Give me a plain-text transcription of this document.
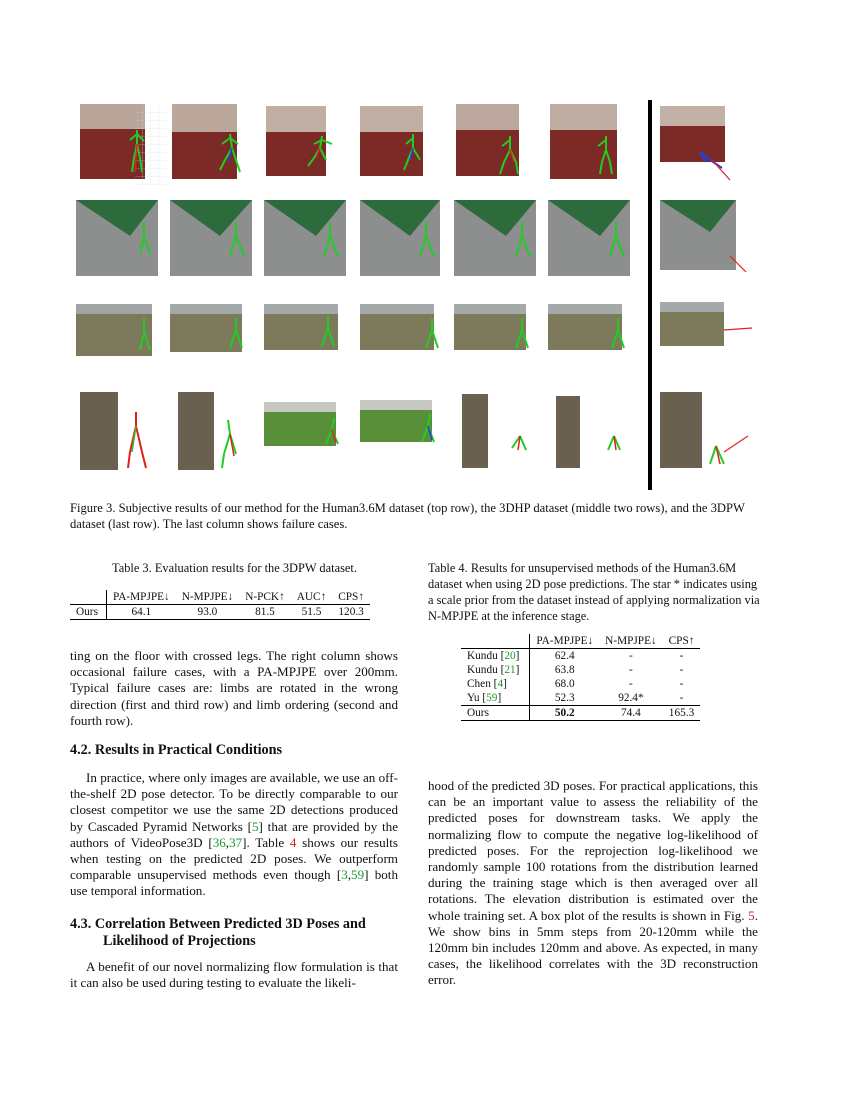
Figure 3. Subjective results of our method for the Human3.6M dataset (top row), the 3DHP dataset (middle two rows), and the 3DPW dataset (last row). The last column shows failure cases.
Table 3. Evaluation results for the 3DPW dataset.
	PA-MPJPE↓	N-MPJPE↓	N-PCK↑	AUC↑	CPS↑
Ours	64.1	93.0	81.5	51.5	120.3
Table 4. Results for unsupervised methods of the Human3.6M dataset when using 2D pose predictions. The star * indicates using a scale prior from the dataset instead of applying normalization via N-MPJPE at the inference stage.
	PA-MPJPE↓	N-MPJPE↓	CPS↑
Kundu [20]	62.4	-	-
Kundu [21]	63.8	-	-
Chen [4]	68.0	-	-
Yu [59]	52.3	92.4*	-
Ours	50.2	74.4	165.3

ting on the floor with crossed legs. The right column shows occasional failure cases, with a PA-MPJPE over 200mm. Typical failure cases are: limbs are rotated in the wrong direction (first and third row) and limb ordering (second and fourth row).

4.2. Results in Practical Conditions

In practice, where only images are available, we use an off-the-shelf 2D pose detector. To be directly comparable to our closest competitor we use the same 2D detections produced by Cascaded Pyramid Networks [5] that are provided by the authors of VideoPose3D [36,37]. Table 4 shows our results when testing on the predicted 2D poses. We outperform comparable unsupervised methods even though [3,59] both use temporal information.

4.3. Correlation Between Predicted 3D Poses and
Likelihood of Projections

A benefit of our novel normalizing flow formulation is that it can also be used during testing to evaluate the likeli-

hood of the predicted 3D poses. For practical applications, this can be an important value to assess the reliability of the predicted poses for downstream tasks. We apply the normalizing flow to compute the negative log-likelihood of predicted poses. For the reprojection log-likelihood we randomly sample 100 rotations from the distribution learned during the training stage which is then averaged over all rotations. The elevation distribution is estimated over the whole training set. A box plot of the results is shown in Fig. 5. We show bins in 5mm steps from 20-120mm while the 120mm bin includes 120mm and above. As expected, in many cases, the likelihood correlates with the 3D reconstruction error.
